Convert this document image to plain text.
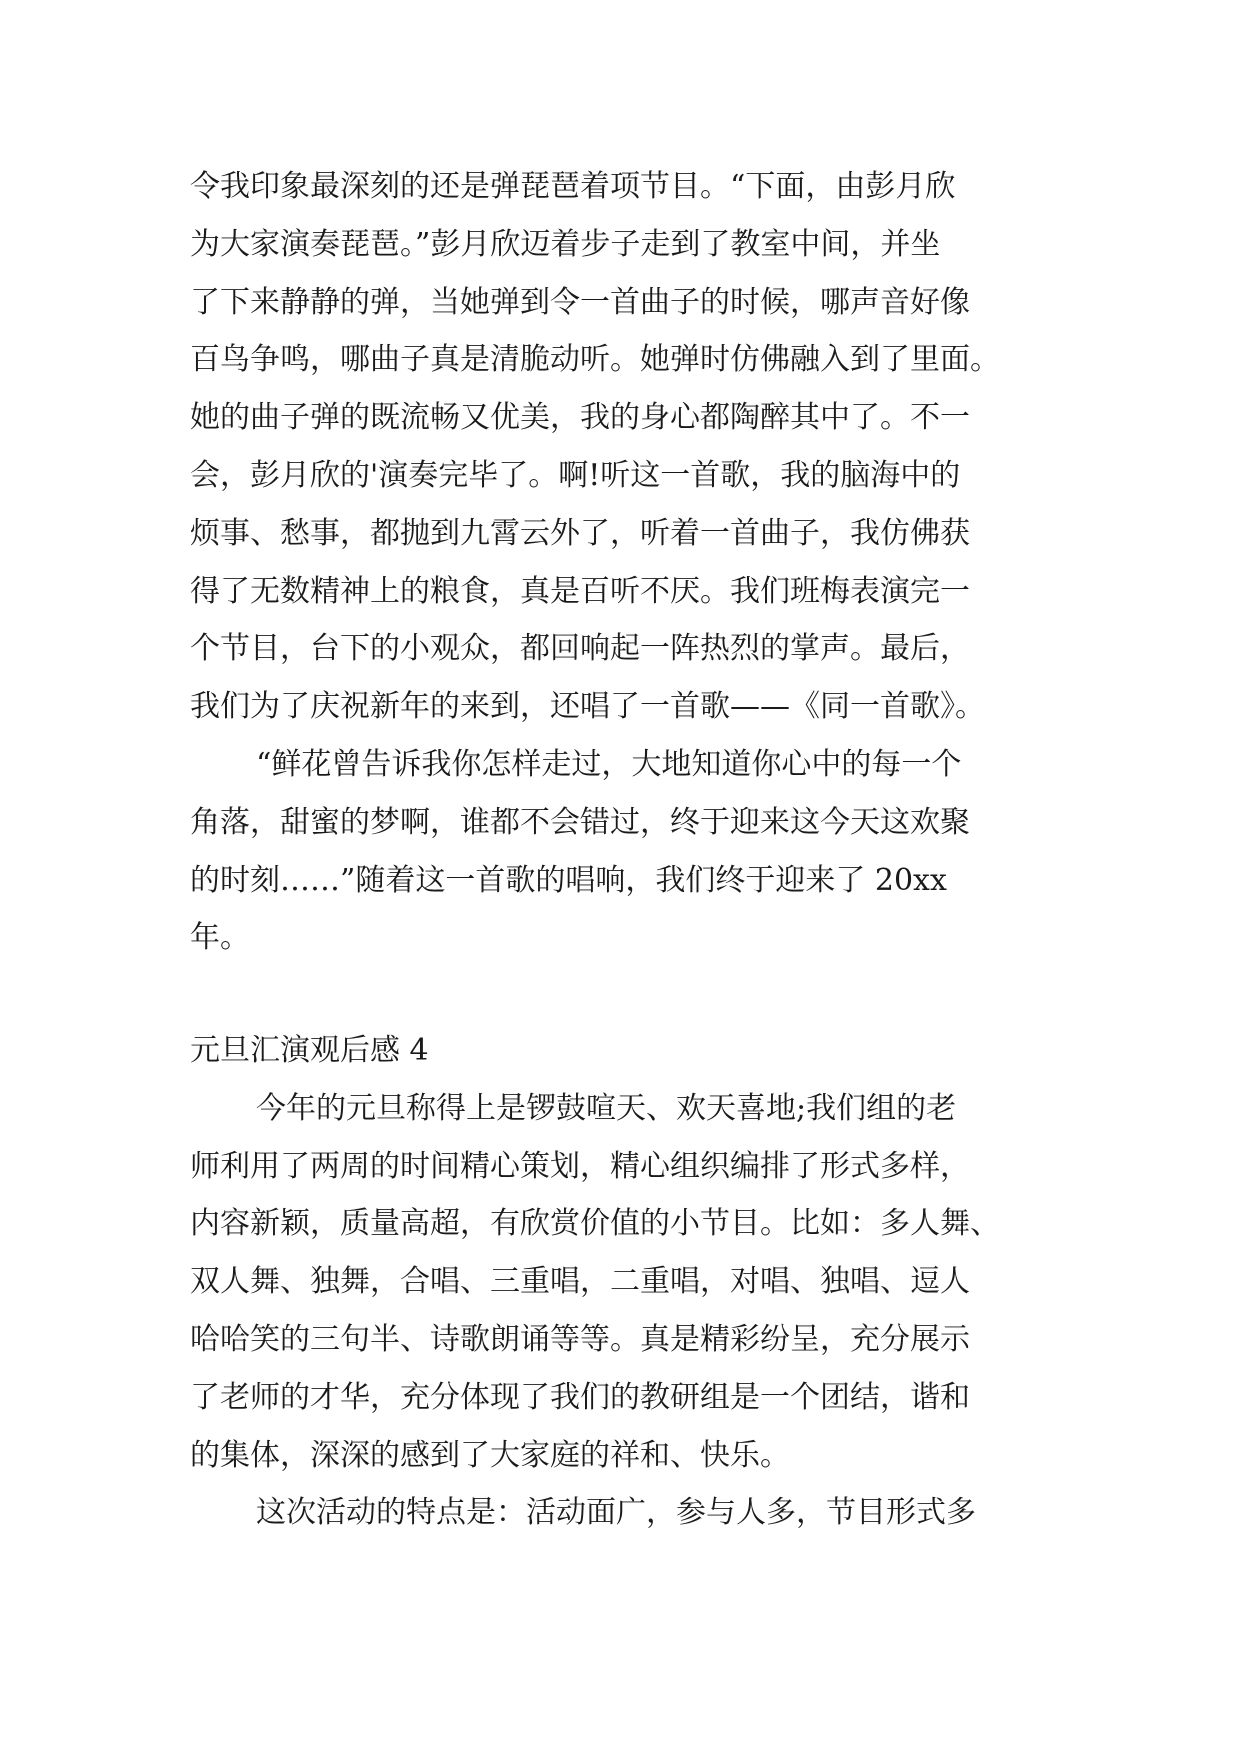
令我印象最深刻的还是弹琵琶着项节目。“下面，由彭月欣
为大家演奏琵琶。”彭月欣迈着步子走到了教室中间，并坐
了下来静静的弹，当她弹到令一首曲子的时候，哪声音好像
百鸟争鸣，哪曲子真是清脆动听。她弹时仿佛融入到了里面。
她的曲子弹的既流畅又优美，我的身心都陶醉其中了。不一
会，彭月欣的'演奏完毕了。啊!听这一首歌，我的脑海中的
烦事、愁事，都抛到九霄云外了，听着一首曲子，我仿佛获
得了无数精神上的粮食，真是百听不厌。我们班梅表演完一
个节目，台下的小观众，都回响起一阵热烈的掌声。最后，
我们为了庆祝新年的来到，还唱了一首歌——《同一首歌》。
“鲜花曾告诉我你怎样走过，大地知道你心中的每一个
角落，甜蜜的梦啊，谁都不会错过，终于迎来这今天这欢聚
的时刻……”随着这一首歌的唱响，我们终于迎来了 20xx
年。
元旦汇演观后感 4
今年的元旦称得上是锣鼓喧天、欢天喜地;我们组的老
师利用了两周的时间精心策划，精心组织编排了形式多样，
内容新颖，质量高超，有欣赏价值的小节目。比如：多人舞、
双人舞、独舞，合唱、三重唱，二重唱，对唱、独唱、逗人
哈哈笑的三句半、诗歌朗诵等等。真是精彩纷呈，充分展示
了老师的才华，充分体现了我们的教研组是一个团结，谐和
的集体，深深的感到了大家庭的祥和、快乐。
这次活动的特点是：活动面广，参与人多，节目形式多
